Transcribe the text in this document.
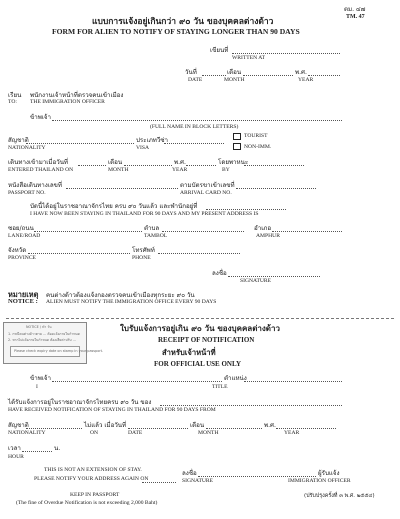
ตม. ๔๗
TM. 47
แบบการแจ้งอยู่เกินกว่า ๙๐ วัน ของบุคคลต่างด้าว
FORM FOR ALIEN TO NOTIFY OF STAYING LONGER THAN 90 DAYS
เขียนที่
WRITTEN AT
วันที่	เดือน	พ.ศ.
DATE	MONTH	YEAR
เรียน พนักงานเจ้าหน้าที่ตรวจคนเข้าเมือง
TO: THE IMMIGRATION OFFICER
ข้าพเจ้า
(FULL NAME IN BLOCK LETTERS)
สัญชาติ	ประเภทวีซ่า
TOURIST
NATIONALITY	VISA	NON-IMM.
เดินทางเข้ามาเมื่อวันที่	เดือน	พ.ศ.	โดยพาหนะ
ENTERED THAILAND ON	MONTH	YEAR	BY
หนังสือเดินทางเลขที่	ตามบัตรขาเข้าเลขที่
PASSPORT NO.	ARRIVAL CARD NO.
บัดนี้ได้อยู่ในราชอาณาจักรไทย ครบ ๙๐ วันแล้ว และพำนักอยู่ที่
I HAVE NOW BEEN STAYING IN THAILAND FOR 90 DAYS AND MY PRESENT ADDRESS IS
ซอย/ถนน	ตำบล	อำเภอ
LANE/ROAD	TAMBOL	AMPHUR
จังหวัด	โทรศัพท์
PROVINCE	PHONE
ลงชื่อ
SIGNATURE
หมายเหตุ คนต่างด้าวต้องแจ้งกองตรวจคนเข้าเมืองทุกระยะ ๙๐ วัน
NOTICE : ALIEN MUST NOTIFY THE IMMIGRATION OFFICE EVERY 90 DAYS
NOTICE / ทำ วัน
1. กรณีคนต่างด้าวตาม ... ต้องแจ้งภายในกำหนด
2. หากไม่แจ้งภายในกำหนด ต้องเสียค่าปรับ ...
Please check expiry date on stamp in your passport.
ใบรับแจ้งการอยู่เกิน ๙๐ วัน ของบุคคลต่างด้าว
RECEIPT OF NOTIFICATION
สำหรับเจ้าหน้าที่
FOR OFFICIAL USE ONLY
ข้าพเจ้า	ตำแหน่ง
I	TITLE
ได้รับแจ้งการอยู่ในราชอาณาจักรไทยครบ ๙๐ วัน ของ
HAVE RECEIVED NOTIFICATION OF STAYING IN THAILAND FOR 90 DAYS FROM
สัญชาติ	ไม่แล้ว เมื่อวันที่	เดือน	พ.ศ.
NATIONALITY	ON	DATE	MONTH	YEAR
เวลา	น.
HOUR
THIS IS NOT AN EXTENSION OF STAY.
PLEASE NOTIFY YOUR ADDRESS AGAIN ON
ลงชื่อ	ผู้รับแจ้ง
SIGNATURE	IMMIGRATION OFFICER
KEEP IN PASSPORT
(The fine of Overdue Notification is not exceeding 2,000 Baht)
(ปรับปรุงครั้งที่ ๓ พ.ศ. ๒๕๕๔)
